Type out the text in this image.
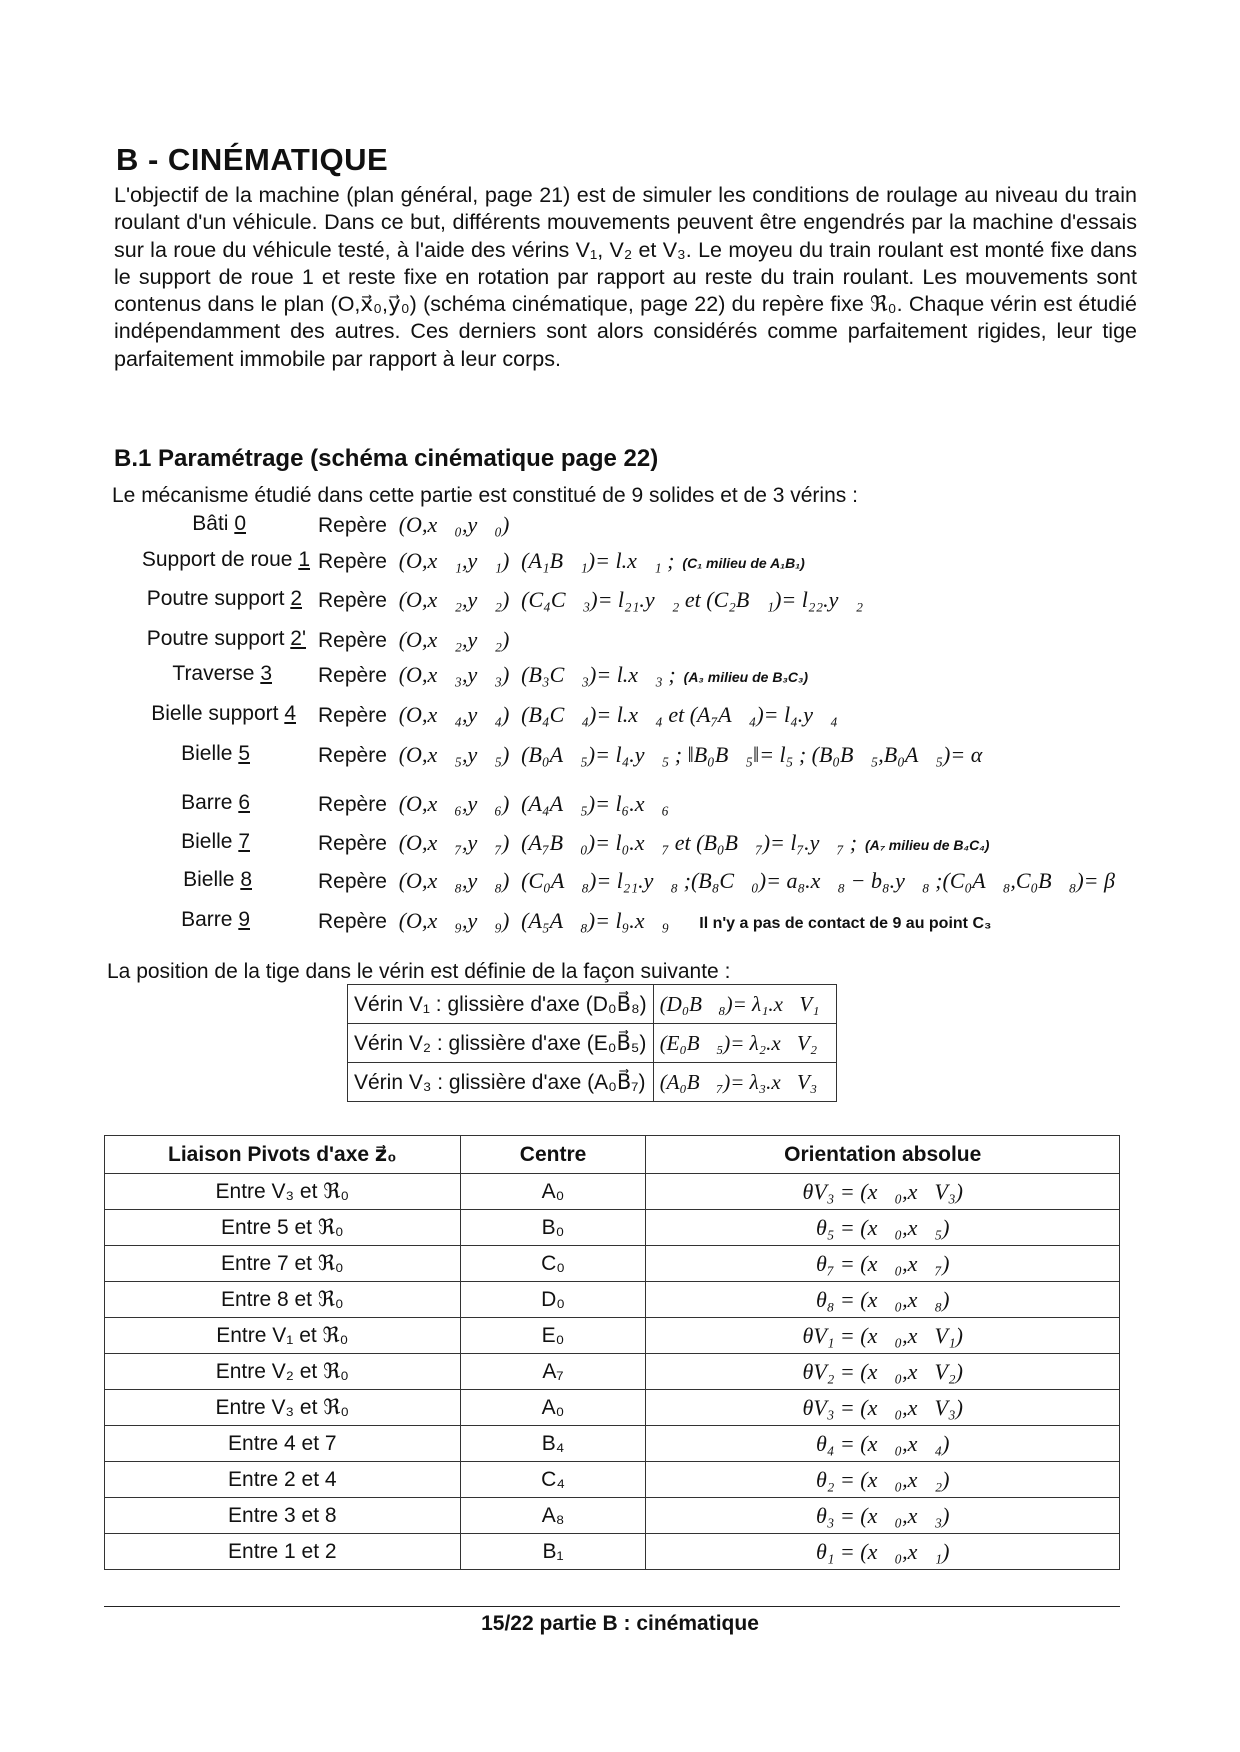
B - CINÉMATIQUE

L'objectif de la machine (plan général, page 21) est de simuler les conditions de roulage au niveau du train roulant d'un véhicule. Dans ce but, différents mouvements peuvent être engendrés par la machine d'essais sur la roue du véhicule testé, à l'aide des vérins V₁, V₂ et V₃. Le moyeu du train roulant est monté fixe dans le support de roue 1 et reste fixe en rotation par rapport au reste du train roulant. Les mouvements sont contenus dans le plan (O,x⃗₀,y⃗₀) (schéma cinématique, page 22) du repère fixe ℜ₀. Chaque vérin est étudié indépendamment des autres. Ces derniers sont alors considérés comme parfaitement rigides, leur tige parfaitement immobile par rapport à leur corps.

B.1 Paramétrage (schéma cinématique page 22)

Le mécanisme étudié dans cette partie est constitué de 9 solides et de 3 vérins :

Bâti 0	Repère (O,x⃗₀,y⃗₀)
Support de roue 1 Repère (O,x⃗₁,y⃗₁) (A₁B⃗₁)= l.x⃗₁ ; (C₁ milieu de A₁B₁)
Poutre support 2 Repère (O,x⃗₂,y⃗₂) (C₄C⃗₃)= l₂₁.y⃗₂ et (C₂B⃗₁)= l₂₂.y⃗₂
Poutre support 2' Repère (O,x⃗₂,y⃗₂)
Traverse 3 Repère (O,x⃗₃,y⃗₃) (B₃C⃗₃)= l.x⃗₃ ; (A₃ milieu de B₃C₃)
Bielle support 4 Repère (O,x⃗₄,y⃗₄) (B₄C⃗₄)= l.x⃗₄ et (A₇A⃗₄)= l₄.y⃗₄
Bielle 5	Repère (O,x⃗₅,y⃗₅) (B₀A⃗₅)= l₄.y⃗₅ ; ‖B₀B⃗₅‖= l₅ ; (B₀B⃗₅,B₀A⃗₅)= α
Barre 6	Repère (O,x⃗₆,y⃗₆) (A₄A⃗₅)= l₆.x⃗₆
Bielle 7	Repère (O,x⃗₇,y⃗₇) (A₇B⃗₀)= l₀.x⃗₇ et (B₀B⃗₇)= l₇.y⃗₇ ; (A₇ milieu de B₄C₄)
Bielle 8	Repère (O,x⃗₈,y⃗₈) (C₀A⃗₈)= l₂₁.y⃗₈ ;(B₈C⃗₀)= a₈.x⃗₈ − b₈.y⃗₈ ;(C₀A⃗₈,C₀B⃗₈)= β
Barre 9	Repère (O,x⃗₉,y⃗₉) (A₅A⃗₈)= l₉.x⃗₉ Il n'y a pas de contact de 9 au point C₃

La position de la tige dans le vérin est définie de la façon suivante :

Vérin V₁ : glissière d'axe (D₀B⃗₈)	(D₀B⃗₈)= λ₁.x⃗V₁
Vérin V₂ : glissière d'axe (E₀B⃗₅)	(E₀B⃗₅)= λ₂.x⃗V₂
Vérin V₃ : glissière d'axe (A₀B⃗₇)	(A₀B⃗₇)= λ₃.x⃗V₃
Liaison Pivots d'axe z⃗₀	Centre	Orientation absolue
Entre V₃ et ℜ₀	A₀	θV₃ = (x⃗₀,x⃗V₃)
Entre 5 et ℜ₀	B₀	θ₅ = (x⃗₀,x⃗₅)
Entre 7 et ℜ₀	C₀	θ₇ = (x⃗₀,x⃗₇)
Entre 8 et ℜ₀	D₀	θ₈ = (x⃗₀,x⃗₈)
Entre V₁ et ℜ₀	E₀	θV₁ = (x⃗₀,x⃗V₁)
Entre V₂ et ℜ₀	A₇	θV₂ = (x⃗₀,x⃗V₂)
Entre V₃ et ℜ₀	A₀	θV₃ = (x⃗₀,x⃗V₃)
Entre 4 et 7	B₄	θ₄ = (x⃗₀,x⃗₄)
Entre 2 et 4	C₄	θ₂ = (x⃗₀,x⃗₂)
Entre 3 et 8	A₈	θ₃ = (x⃗₀,x⃗₃)
Entre 1 et 2	B₁	θ₁ = (x⃗₀,x⃗₁)
15/22 partie B : cinématique
